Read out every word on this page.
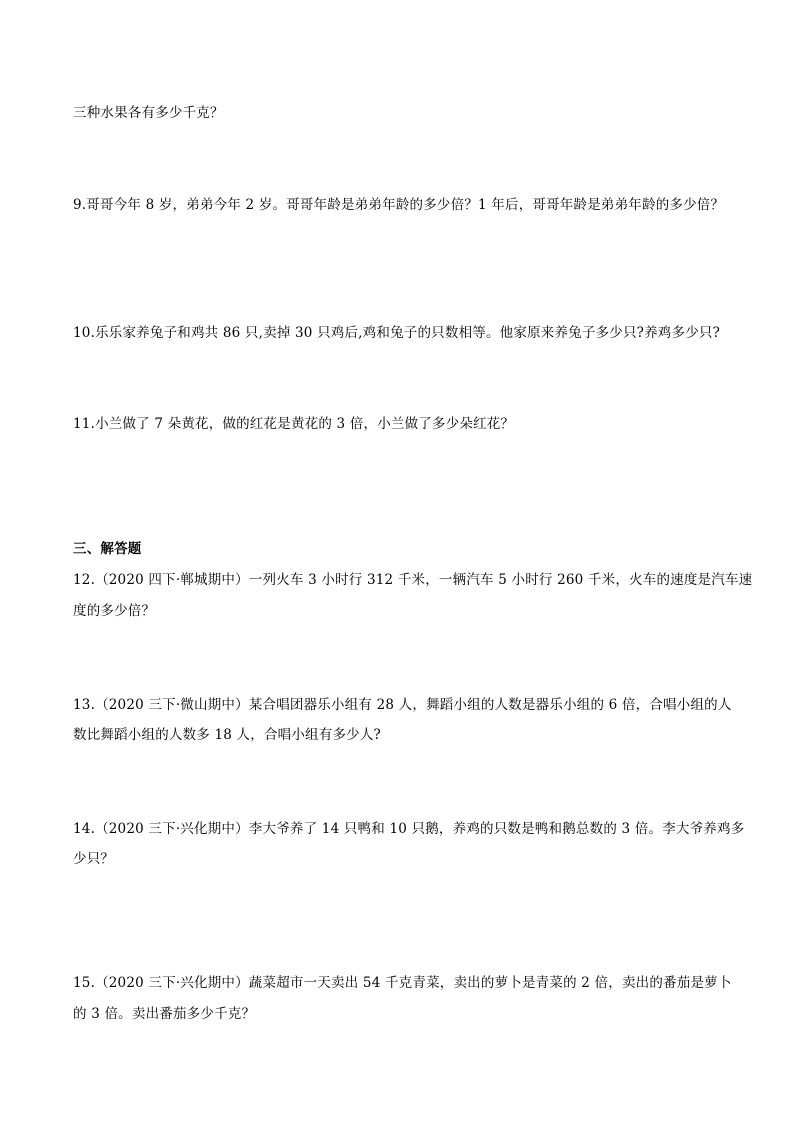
三种水果各有多少千克？

9.哥哥今年 8 岁，弟弟今年 2 岁。哥哥年龄是弟弟年龄的多少倍？1 年后，哥哥年龄是弟弟年龄的多少倍？

10.乐乐家养兔子和鸡共 86 只,卖掉 30 只鸡后,鸡和兔子的只数相等。他家原来养兔子多少只?养鸡多少只?

11.小兰做了 7 朵黄花，做的红花是黄花的 3 倍，小兰做了多少朵红花？

三、解答题

12.（2020 四下·郸城期中）一列火车 3 小时行 312 千米，一辆汽车 5 小时行 260 千米，火车的速度是汽车速

度的多少倍？

13.（2020 三下·微山期中）某合唱团器乐小组有 28 人，舞蹈小组的人数是器乐小组的 6 倍，合唱小组的人

数比舞蹈小组的人数多 18 人，合唱小组有多少人?

14.（2020 三下·兴化期中）李大爷养了 14 只鸭和 10 只鹅，养鸡的只数是鸭和鹅总数的 3 倍。李大爷养鸡多

少只？

15.（2020 三下·兴化期中）蔬菜超市一天卖出 54 千克青菜，卖出的萝卜是青菜的 2 倍，卖出的番茄是萝卜

的 3 倍。卖出番茄多少千克？
